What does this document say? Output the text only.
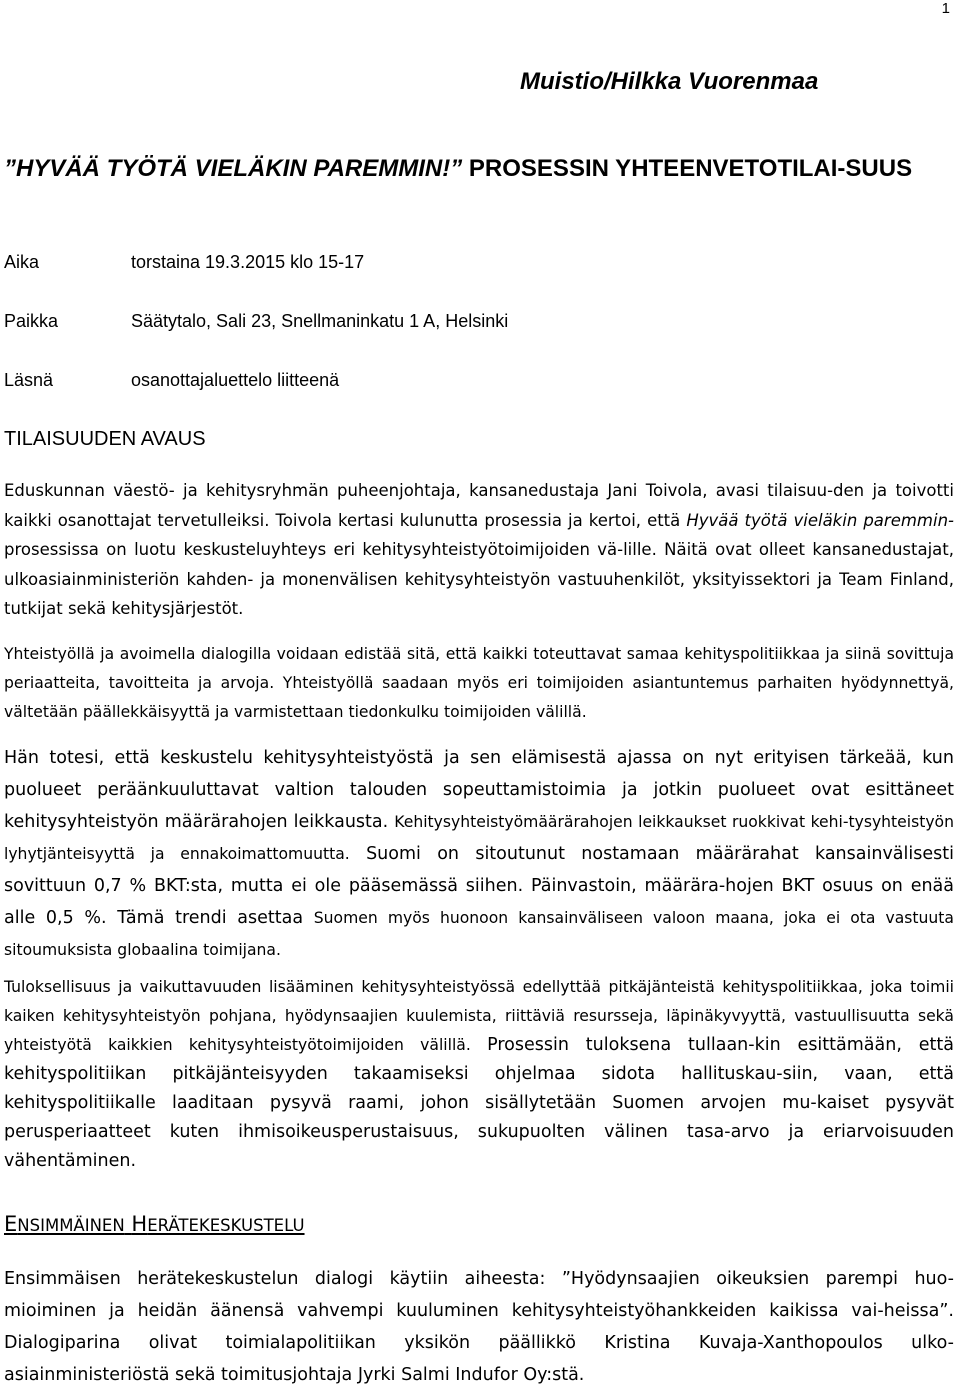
1
Muistio/Hilkka Vuorenmaa
”HYVÄÄ TYÖTÄ VIELÄKIN PAREMMIN!” PROSESSIN YHTEENVETOTILAI-SUUS
Aika	torstaina 19.3.2015 klo 15-17
Paikka	Säätytalo, Sali 23, Snellmaninkatu 1 A, Helsinki
Läsnä	osanottajaluettelo liitteenä
TILAISUUDEN AVAUS

Eduskunnan väestö- ja kehitysryhmän puheenjohtaja, kansanedustaja Jani Toivola, avasi tilaisuu-den ja toivotti kaikki osanottajat tervetulleiksi. Toivola kertasi kulunutta prosessia ja kertoi, että Hyvää työtä vieläkin paremmin- prosessissa on luotu keskusteluyhteys eri kehitysyhteistyötoimijoiden vä-lille. Näitä ovat olleet kansanedustajat, ulkoasiainministeriön kahden- ja monenvälisen kehitysyhteistyön vastuuhenkilöt, yksityissektori ja Team Finland, tutkijat sekä kehitysjärjestöt.

Yhteistyöllä ja avoimella dialogilla voidaan edistää sitä, että kaikki toteuttavat samaa kehityspolitiikkaa ja siinä sovittuja periaatteita, tavoitteita ja arvoja. Yhteistyöllä saadaan myös eri toimijoiden asiantuntemus parhaiten hyödynnettyä, vältetään päällekkäisyyttä ja varmistettaan tiedonkulku toimijoiden välillä.

Hän totesi, että keskustelu kehitysyhteistyöstä ja sen elämisestä ajassa on nyt erityisen tärkeää, kun puolueet peräänkuuluttavat valtion talouden sopeuttamistoimia ja jotkin puolueet ovat esittäneet kehitysyhteistyön määrärahojen leikkausta. Kehitysyhteistyömäärärahojen leikkaukset ruokkivat kehi-tysyhteistyön lyhytjänteisyyttä ja ennakoimattomuutta. Suomi on sitoutunut nostamaan määrärahat kansainvälisesti sovittuun 0,7 % BKT:sta, mutta ei ole pääsemässä siihen. Päinvastoin, määrära-hojen BKT osuus on enää alle 0,5 %. Tämä trendi asettaa Suomen myös huonoon kansainväliseen valoon maana, joka ei ota vastuuta sitoumuksista globaalina toimijana.

Tuloksellisuus ja vaikuttavuuden lisääminen kehitysyhteistyössä edellyttää pitkäjänteistä kehityspolitiikkaa, joka toimii kaiken kehitysyhteistyön pohjana, hyödynsaajien kuulemista, riittäviä resursseja, läpinäkyvyyttä, vastuullisuutta sekä yhteistyötä kaikkien kehitysyhteistyötoimijoiden välillä. Prosessin tuloksena tullaan-kin esittämään, että kehityspolitiikan pitkäjänteisyyden takaamiseksi ohjelmaa sidota hallituskau-siin, vaan, että kehityspolitiikalle laaditaan pysyvä raami, johon sisällytetään Suomen arvojen mu-kaiset pysyvät perusperiaatteet kuten ihmisoikeusperustaisuus, sukupuolten välinen tasa-arvo ja eriarvoisuuden vähentäminen.

ENSIMMÄINEN HERÄTEKESKUSTELU

Ensimmäisen herätekeskustelun dialogi käytiin aiheesta: ”Hyödynsaajien oikeuksien parempi huo-mioiminen ja heidän äänensä vahvempi kuuluminen kehitysyhteistyöhankkeiden kaikissa vai-heissa”. Dialogiparina olivat toimialapolitiikan yksikön päällikkö Kristina Kuvaja-Xanthopoulos ulko-asiainministeriöstä sekä toimitusjohtaja Jyrki Salmi Indufor Oy:stä.
